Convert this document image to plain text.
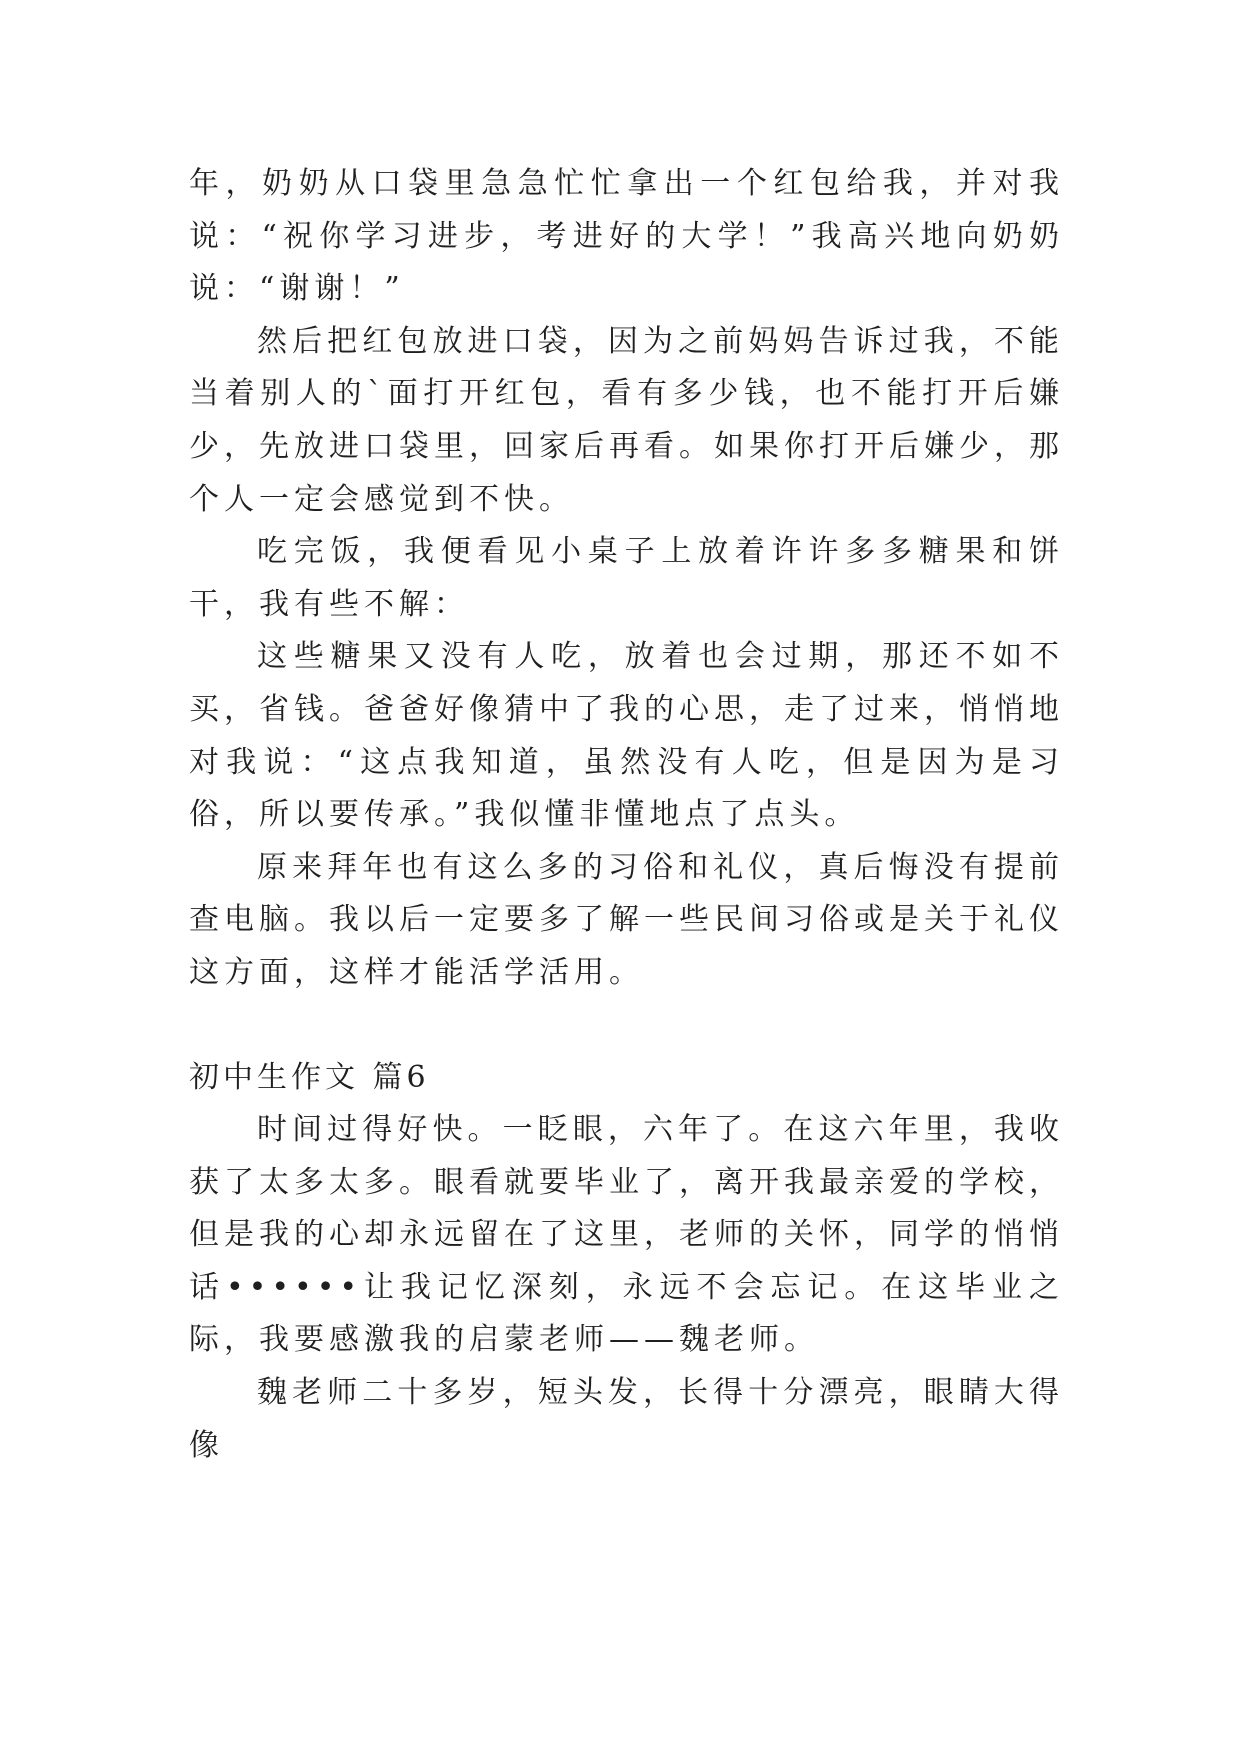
年，奶奶从口袋里急急忙忙拿出一个红包给我，并对我说：“祝你学习进步，考进好的大学！”我高兴地向奶奶说：“谢谢！”

然后把红包放进口袋，因为之前妈妈告诉过我，不能当着别人的`面打开红包，看有多少钱，也不能打开后嫌少，先放进口袋里，回家后再看。如果你打开后嫌少，那个人一定会感觉到不快。

吃完饭，我便看见小桌子上放着许许多多糖果和饼干，我有些不解：

这些糖果又没有人吃，放着也会过期，那还不如不买，省钱。爸爸好像猜中了我的心思，走了过来，悄悄地对我说：“这点我知道，虽然没有人吃，但是因为是习俗，所以要传承。”我似懂非懂地点了点头。

原来拜年也有这么多的习俗和礼仪，真后悔没有提前查电脑。我以后一定要多了解一些民间习俗或是关于礼仪这方面，这样才能活学活用。

初中生作文 篇6

时间过得好快。一眨眼，六年了。在这六年里，我收获了太多太多。眼看就要毕业了，离开我最亲爱的学校，但是我的心却永远留在了这里，老师的关怀，同学的悄悄话••••••让我记忆深刻，永远不会忘记。在这毕业之际，我要感激我的启蒙老师——魏老师。

魏老师二十多岁，短头发，长得十分漂亮，眼睛大得像
